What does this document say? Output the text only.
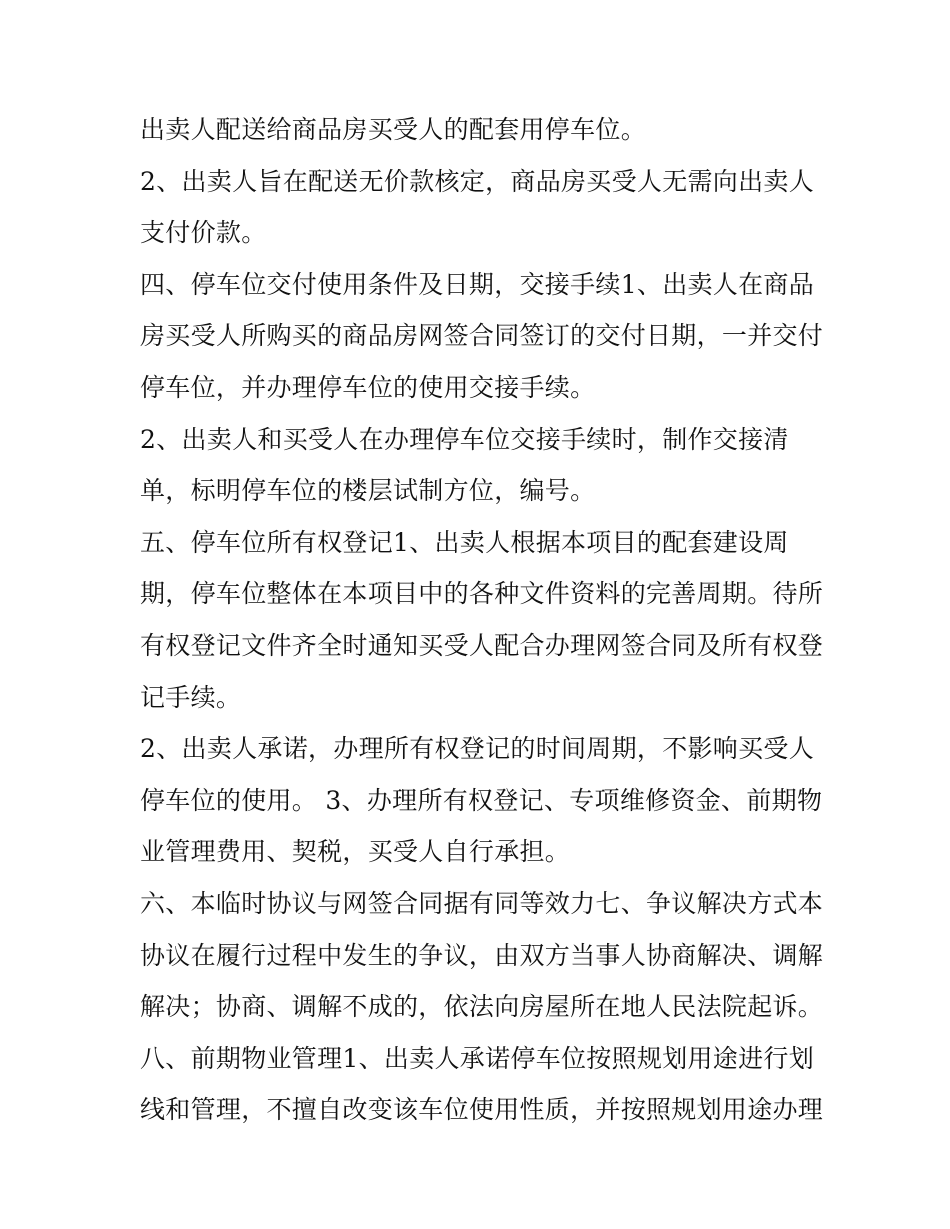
出卖人配送给商品房买受人的配套用停车位。
2、出卖人旨在配送无价款核定，商品房买受人无需向出卖人
支付价款。
四、停车位交付使用条件及日期，交接手续1、出卖人在商品
房买受人所购买的商品房网签合同签订的交付日期，一并交付
停车位，并办理停车位的使用交接手续。
2、出卖人和买受人在办理停车位交接手续时，制作交接清
单，标明停车位的楼层试制方位，编号。
五、停车位所有权登记1、出卖人根据本项目的配套建设周
期，停车位整体在本项目中的各种文件资料的完善周期。待所
有权登记文件齐全时通知买受人配合办理网签合同及所有权登
记手续。
2、出卖人承诺，办理所有权登记的时间周期，不影响买受人
停车位的使用。 3、办理所有权登记、专项维修资金、前期物
业管理费用、契税，买受人自行承担。
六、本临时协议与网签合同据有同等效力七、争议解决方式本
协议在履行过程中发生的争议，由双方当事人协商解决、调解
解决；协商、调解不成的，依法向房屋所在地人民法院起诉。
八、前期物业管理1、出卖人承诺停车位按照规划用途进行划
线和管理，不擅自改变该车位使用性质，并按照规划用途办理
